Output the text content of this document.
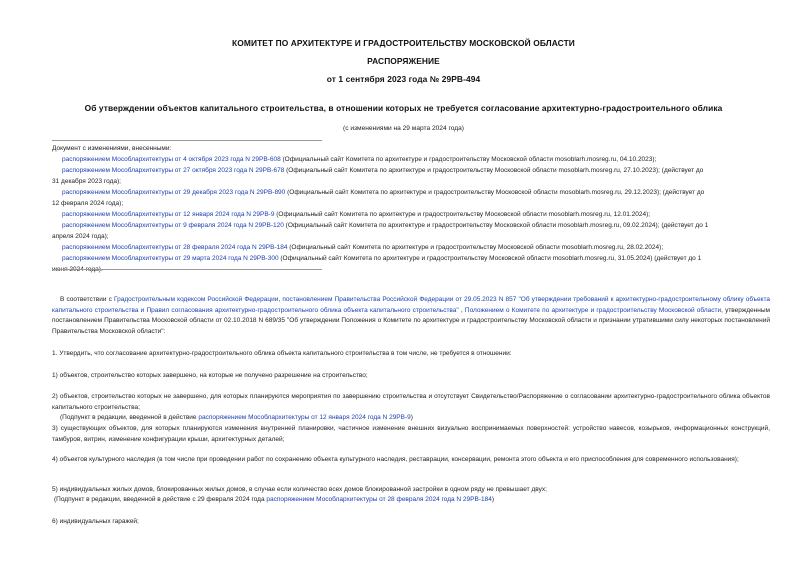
КОМИТЕТ ПО АРХИТЕКТУРЕ И ГРАДОСТРОИТЕЛЬСТВУ МОСКОВСКОЙ ОБЛАСТИ
РАСПОРЯЖЕНИЕ
от 1 сентября 2023 года № 29РВ-494
Об утверждении объектов капитального строительства, в отношении которых не требуется согласование архитектурно-градостроительного облика
(с изменениями на 29 марта 2024 года)

Документ с изменениями, внесенными:

распоряжением Мособлархитектуры от 4 октября 2023 года N 29РВ-608 (Официальный сайт Комитета по архитектуре и градостроительству Московской области mosoblarh.mosreg.ru, 04.10.2023);

распоряжением Мособлархитектуры от 27 октября 2023 года N 29РВ-678 (Официальный сайт Комитета по архитектуре и градостроительству Московской области mosoblarh.mosreg.ru, 27.10.2023); (действует до
31 декабря 2023 года);

распоряжением Мособлархитектуры от 29 декабря 2023 года N 29РВ-890 (Официальный сайт Комитета по архитектуре и градостроительству Московской области mosoblarh.mosreg.ru, 29.12.2023); (действует до
12 февраля 2024 года);

распоряжением Мособлархитектуры от 12 января 2024 года N 29РВ-9 (Официальный сайт Комитета по архитектуре и градостроительству Московской области mosoblarh.mosreg.ru, 12.01.2024);

распоряжением Мособлархитектуры от 9 февраля 2024 года N 29РВ-120 (Официальный сайт Комитета по архитектуре и градостроительству Московской области mosoblarh.mosreg.ru, 09.02.2024); (действует до 1
апреля 2024 года);

распоряжением Мособлархитектуры от 28 февраля 2024 года N 29РВ-184 (Официальный сайт Комитета по архитектуре и градостроительству Московской области mosoblarh.mosreg.ru, 28.02.2024);

распоряжением Мособлархитектуры от 29 марта 2024 года N 29РВ-300 (Официальный сайт Комитета по архитектуре и градостроительству Московской области mosoblarh.mosreg.ru, 31.05.2024) (действует до 1
июня 2024 года).

В соответствии с Градостроительным кодексом Российской Федерации, постановлением Правительства Российской Федерации от 29.05.2023 N 857 "Об утверждении требований к архитектурно-градостроительному облику объекта капитального строительства и Правил согласования архитектурно-градостроительного облика объекта капитального строительства" , Положением о Комитете по архитектуре и градостроительству Московской области, утвержденным постановлением Правительства Московской области от 02.10.2018 N 689/35 "Об утверждении Положения о Комитете по архитектуре и градостроительству Московской области и признании утратившими силу некоторых постановлений Правительства Московской области":

1. Утвердить, что согласование архитектурно-градостроительного облика объекта капитального строительства в том числе, не требуется в отношении:
1) объектов, строительство которых завершено, на которые не получено разрешение на строительство;
2) объектов, строительство которых не завершено, для которых планируются мероприятия по завершению строительства и отсутствует Свидетельство/Распоряжение о согласовании архитектурно-градостроительного облика объектов капитального строительства;
(Подпункт в редакции, введенной в действие распоряжением Мособлархитектуры от 12 января 2024 года N 29РВ-9)
3) существующих объектов, для которых планируются изменения внутренней планировки, частичное изменение внешних визуально воспринимаемых поверхностей: устройство навесов, козырьков, информационных конструкций, тамбуров, витрин, изменение конфигурации крыши, архитектурных деталей;
4) объектов культурного наследия (в том числе при проведении работ по сохранению объекта культурного наследия, реставрации, консервации, ремонта этого объекта и его приспособления для современного использования);
5) индивидуальных жилых домов, блокированных жилых домов, в случае если количество всех домов блокированной застройки в одном ряду не превышает двух;
(Подпункт в редакции, введенной в действие с 29 февраля 2024 года распоряжением Мособлархитектуры от 28 февраля 2024 года N 29РВ-184)
6) индивидуальных гаражей;
